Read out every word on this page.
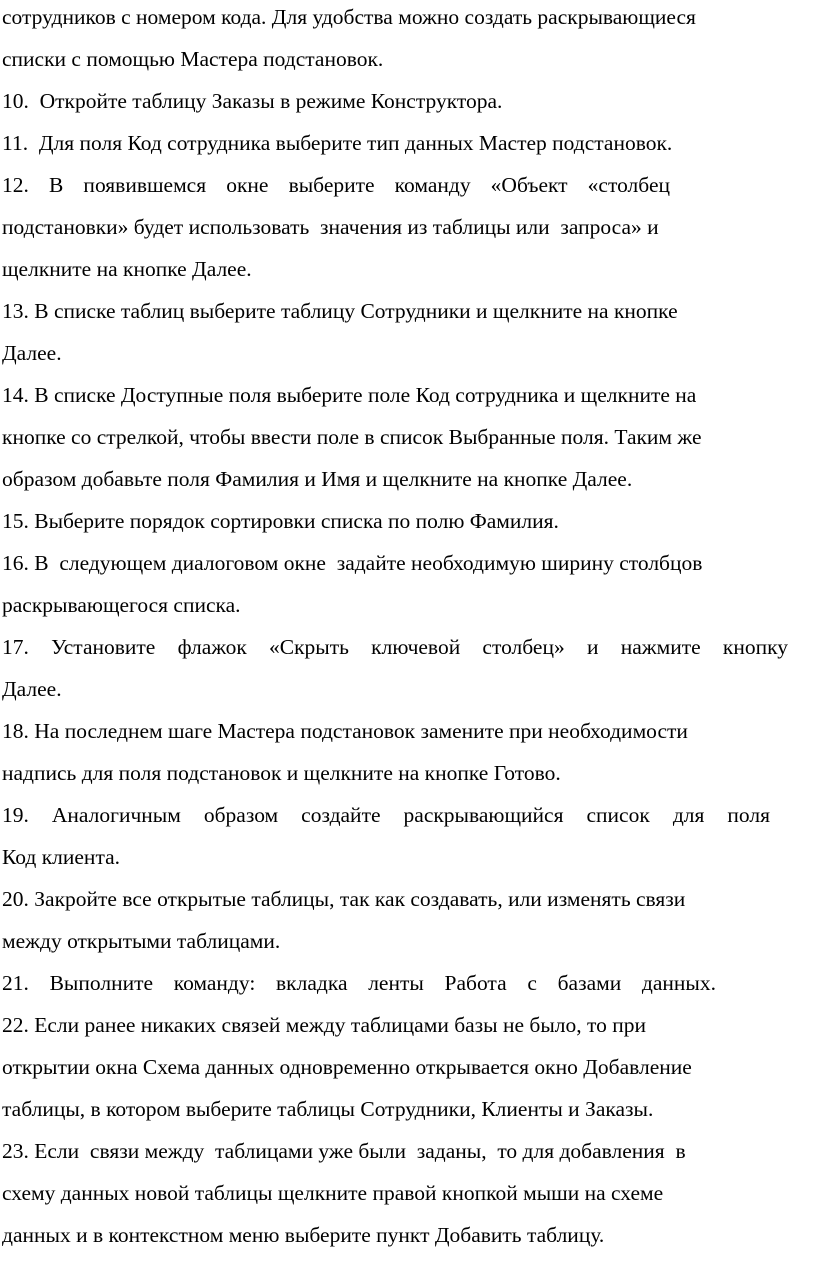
сотрудников с номером кода. Для удобства можно создать раскрывающиеся
списки с помощью Мастера подстановок.
10.  Откройте таблицу Заказы в режиме Конструктора.
11.  Для поля Код сотрудника выберите тип данных Мастер подстановок.
12. В появившемся окне выберите команду «Объект «столбец
подстановки» будет использовать  значения из таблицы или  запроса» и
щелкните на кнопке Далее.
13. В списке таблиц выберите таблицу Сотрудники и щелкните на кнопке
Далее.
14. В списке Доступные поля выберите поле Код сотрудника и щелкните на
кнопке со стрелкой, чтобы ввести поле в список Выбранные поля. Таким же
образом добавьте поля Фамилия и Имя и щелкните на кнопке Далее.
15. Выберите порядок сортировки списка по полю Фамилия.
16. В  следующем диалоговом окне  задайте необходимую ширину столбцов
раскрывающегося списка.
17. Установите флажок «Скрыть ключевой столбец» и нажмите кнопку
Далее.
18. На последнем шаге Мастера подстановок замените при необходимости
надпись для поля подстановок и щелкните на кнопке Готово.
19. Аналогичным образом создайте раскрывающийся список для поля
Код клиента.
20. Закройте все открытые таблицы, так как создавать, или изменять связи
между открытыми таблицами.
21. Выполните команду: вкладка ленты Работа с базами данных.
22. Если ранее никаких связей между таблицами базы не было, то при
открытии окна Схема данных одновременно открывается окно Добавление
таблицы, в котором выберите таблицы Сотрудники, Клиенты и Заказы.
23. Если  связи между  таблицами уже были  заданы,  то для добавления  в
схему данных новой таблицы щелкните правой кнопкой мыши на схеме
данных и в контекстном меню выберите пункт Добавить таблицу.
